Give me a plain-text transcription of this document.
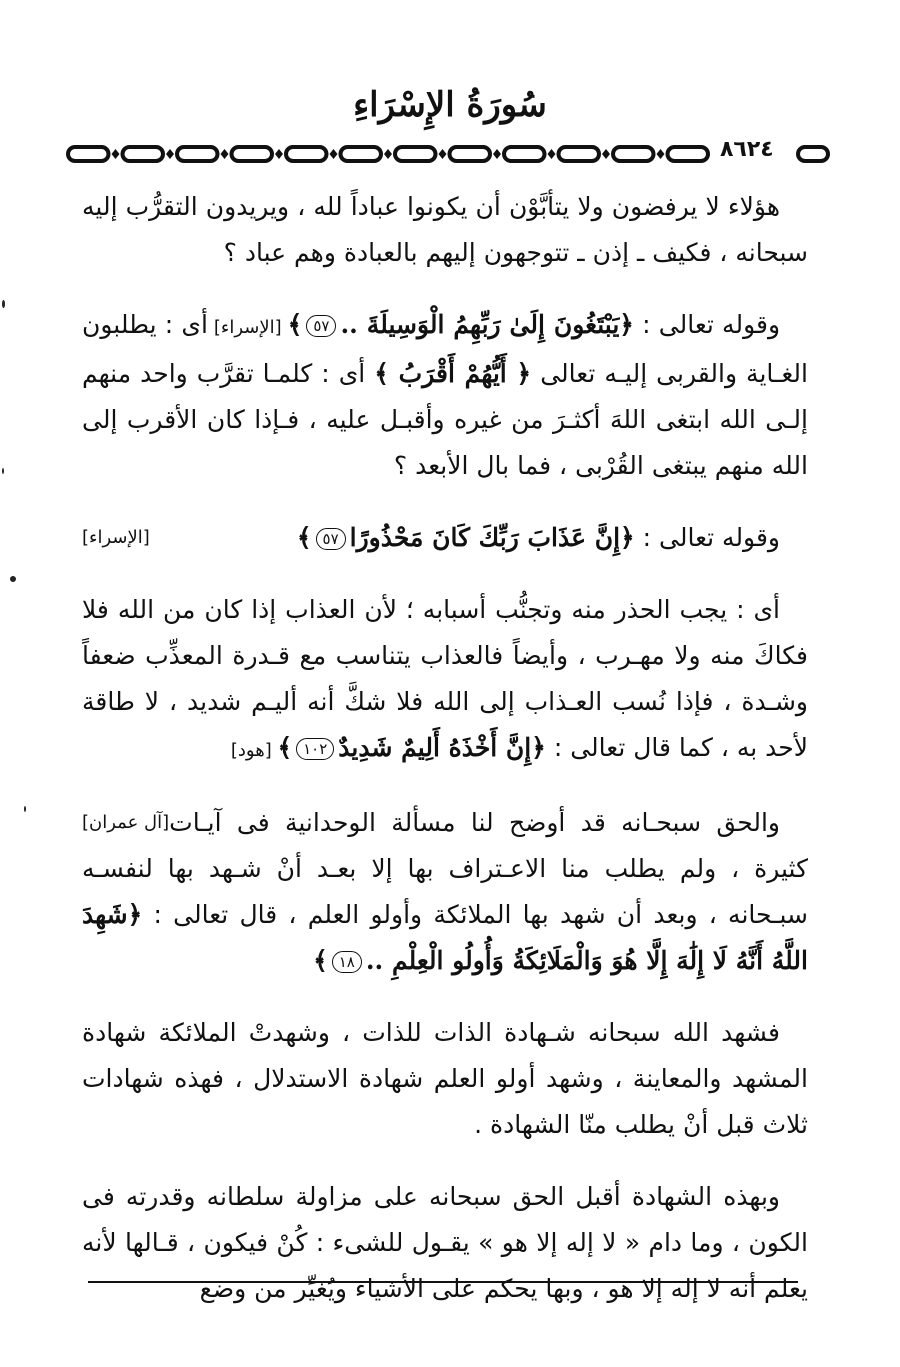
سُورَةُ الإِسْرَاءِ
٨٦٢٤

هؤلاء لا يرفضون ولا يتأبَّوْن أن يكونوا عباداً لله ، ويريدون التقرُّب إليه سبحانه ، فكيف ـ إذن ـ تتوجهون إليهم بالعبادة وهم عباد ؟

وقوله تعالى : ﴿يَبْتَغُونَ إِلَىٰ رَبِّهِمُ الْوَسِيلَةَ ..٥٧﴾ [الإسراء] أى : يطلبون الغـاية والقربى إليـه تعالى ﴿ أَيُّهُمْ أَقْرَبُ ﴾ أى : كلمـا تقرَّب واحد منهم إلـى الله ابتغى اللهَ أكثـرَ من غيره وأقبـل عليه ، فـإذا كان الأقرب إلى الله منهم يبتغى القُرْبى ، فما بال الأبعد ؟

[الإسراء]	وقوله تعالى : ﴿إِنَّ عَذَابَ رَبِّكَ كَانَ مَحْذُورًا٥٧﴾

أى : يجب الحذر منه وتجنُّب أسبابه ؛ لأن العذاب إذا كان من الله فلا فكاكَ منه ولا مهـرب ، وأيضاً فالعذاب يتناسب مع قـدرة المعذِّب ضعفاً وشـدة ، فإذا نُسب العـذاب إلى الله فلا شكَّ أنه أليـم شديد ، لا طاقة لأحد به ، كما قال تعالى : ﴿إِنَّ أَخْذَهُ أَلِيمٌ شَدِيدٌ١٠٢﴾ [هود]

[آل عمران] والحق سبحـانه قد أوضح لنا مسألة الوحدانية فى آيـات كثيرة ، ولم يطلب منا الاعـتراف بها إلا بعـد أنْ شـهد بها لنفسـه سبـحانه ، وبعد أن شهد بها الملائكة وأولو العلم ، قال تعالى : ﴿شَهِدَ اللَّهُ أَنَّهُ لَا إِلَٰهَ إِلَّا هُوَ وَالْمَلَائِكَةُ وَأُولُو الْعِلْمِ ..١٨﴾

فشهد الله سبحانه شـهادة الذات للذات ، وشهدتْ الملائكة شهادة المشهد والمعاينة ، وشهد أولو العلم شهادة الاستدلال ، فهذه شهادات ثلاث قبل أنْ يطلب منّا الشهادة .

وبهذه الشهادة أقبل الحق سبحانه على مزاولة سلطانه وقدرته فى الكون ، وما دام « لا إله إلا هو » يقـول للشىء : كُنْ فيكون ، قـالها لأنه يعلم أنه لا إله إلا هو ، وبها يحكم على الأشياء ويُغيِّر من وضع
